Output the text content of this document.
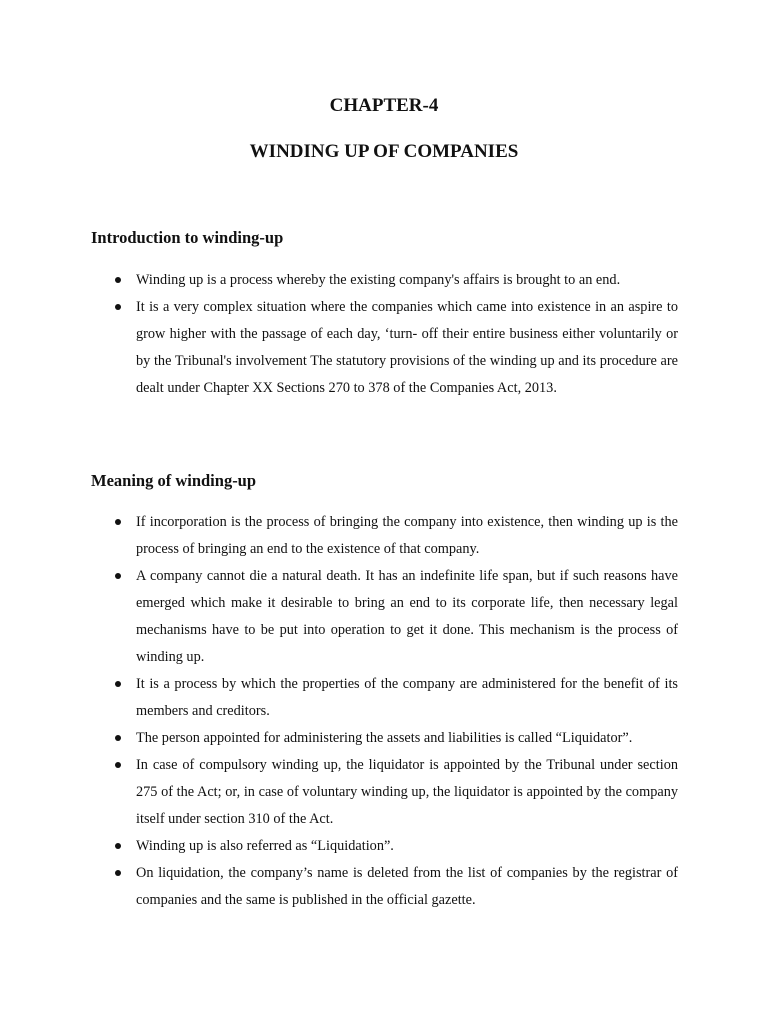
CHAPTER-4
WINDING UP OF COMPANIES
Introduction to winding-up
Winding up is a process whereby the existing company's affairs is brought to an end.
It is a very complex situation where the companies which came into existence in an aspire to grow higher with the passage of each day, ‘turn- off their entire business either voluntarily or by the Tribunal's involvement The statutory provisions of the winding up and its procedure are dealt under Chapter XX Sections 270 to 378 of the Companies Act, 2013.
Meaning of winding-up
If incorporation is the process of bringing the company into existence, then winding up is the process of bringing an end to the existence of that company.
A company cannot die a natural death. It has an indefinite life span, but if such reasons have emerged which make it desirable to bring an end to its corporate life, then necessary legal mechanisms have to be put into operation to get it done. This mechanism is the process of winding up.
It is a process by which the properties of the company are administered for the benefit of its members and creditors.
The person appointed for administering the assets and liabilities is called “Liquidator”.
In case of compulsory winding up, the liquidator is appointed by the Tribunal under section 275 of the Act; or, in case of voluntary winding up, the liquidator is appointed by the company itself under section 310 of the Act.
Winding up is also referred as “Liquidation”.
On liquidation, the company’s name is deleted from the list of companies by the registrar of companies and the same is published in the official gazette.
